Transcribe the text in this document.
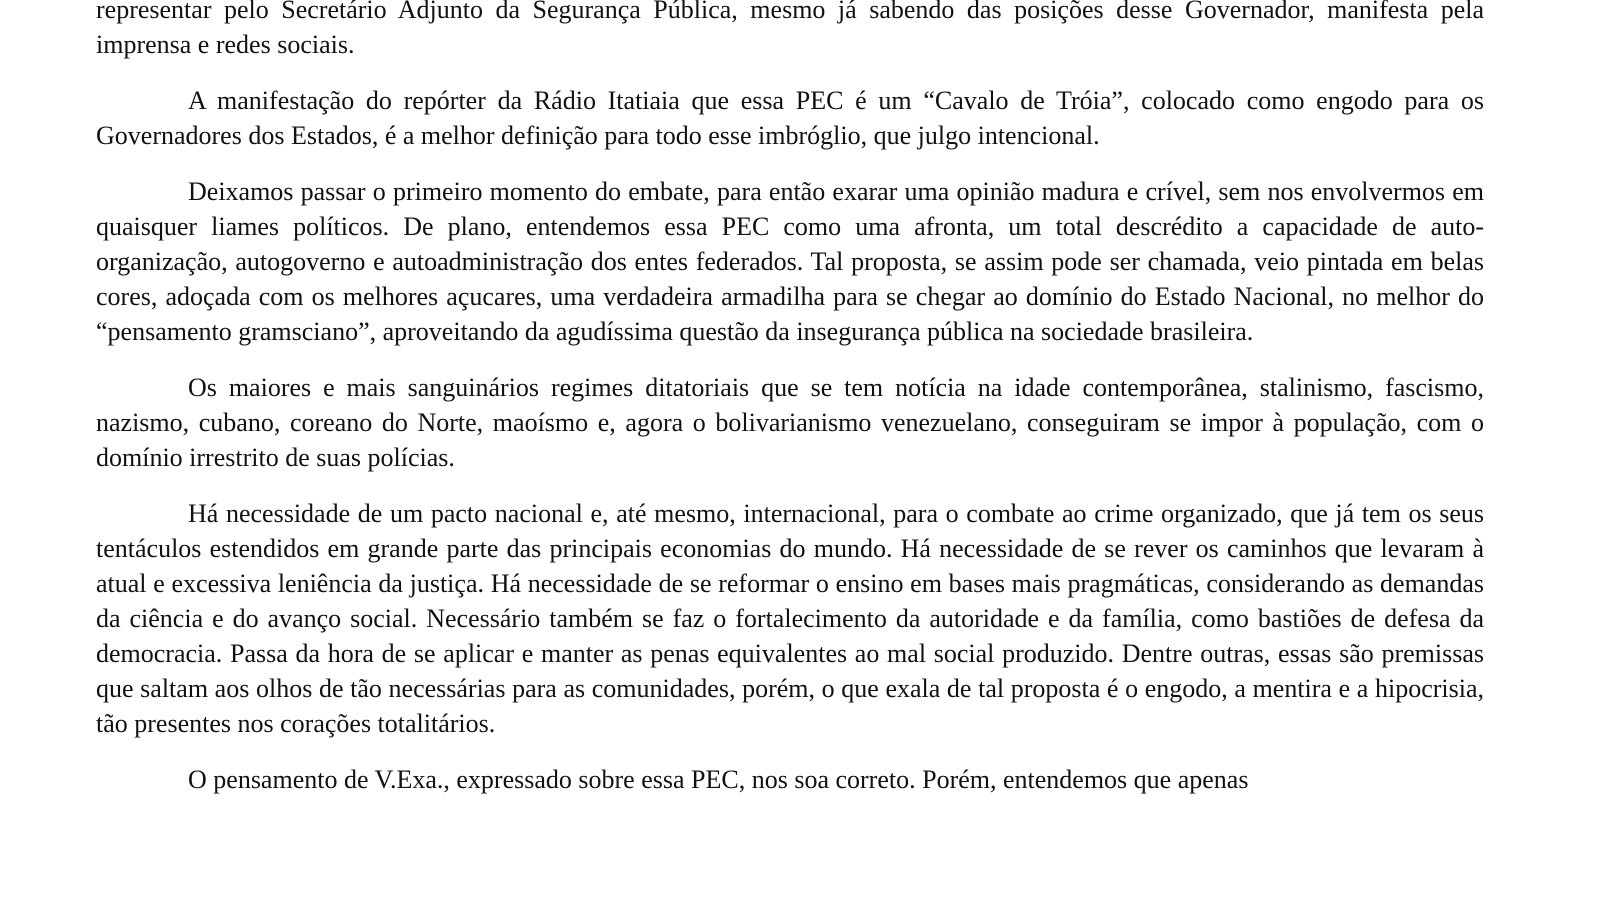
representar pelo Secretário Adjunto da Segurança Pública, mesmo já sabendo das posições desse Governador, manifesta pela imprensa e redes sociais.

A manifestação do repórter da Rádio Itatiaia que essa PEC é um “Cavalo de Tróia”, colocado como engodo para os Governadores dos Estados, é a melhor definição para todo esse imbróglio, que julgo intencional.

Deixamos passar o primeiro momento do embate, para então exarar uma opinião madura e crível, sem nos envolvermos em quaisquer liames políticos. De plano, entendemos essa PEC como uma afronta, um total descrédito a capacidade de auto-organização, autogoverno e autoadministração dos entes federados. Tal proposta, se assim pode ser chamada, veio pintada em belas cores, adoçada com os melhores açucares, uma verdadeira armadilha para se chegar ao domínio do Estado Nacional, no melhor do “pensamento gramsciano”, aproveitando da agudíssima questão da insegurança pública na sociedade brasileira.

Os maiores e mais sanguinários regimes ditatoriais que se tem notícia na idade contemporânea, stalinismo, fascismo, nazismo, cubano, coreano do Norte, maoísmo e, agora o bolivarianismo venezuelano, conseguiram se impor à população, com o domínio irrestrito de suas polícias.

Há necessidade de um pacto nacional e, até mesmo, internacional, para o combate ao crime organizado, que já tem os seus tentáculos estendidos em grande parte das principais economias do mundo. Há necessidade de se rever os caminhos que levaram à atual e excessiva leniência da justiça. Há necessidade de se reformar o ensino em bases mais pragmáticas, considerando as demandas da ciência e do avanço social. Necessário também se faz o fortalecimento da autoridade e da família, como bastiões de defesa da democracia. Passa da hora de se aplicar e manter as penas equivalentes ao mal social produzido. Dentre outras, essas são premissas que saltam aos olhos de tão necessárias para as comunidades, porém, o que exala de tal proposta é o engodo, a mentira e a hipocrisia, tão presentes nos corações totalitários.

O pensamento de V.Exa., expressado sobre essa PEC, nos soa correto. Porém, entendemos que apenas
